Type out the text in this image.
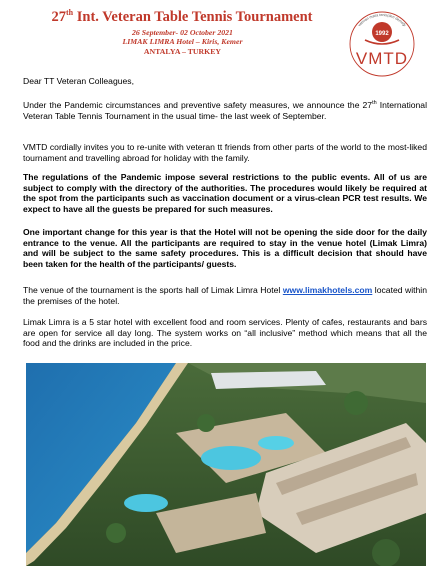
27th Int. Veteran Table Tennis Tournament
26 September- 02 October 2021
LIMAK LIMRA Hotel – Kiris, Kemer
ANTALYA – TURKEY
veteran masa tenisçileri derneği
1992
VMTD
Dear TT Veteran Colleagues,
Under the Pandemic circumstances and preventive safety measures, we announce the 27th International Veteran Table Tennis Tournament in the usual time- the last week of September.
VMTD cordially invites you to re-unite with veteran tt friends from other parts of the world to the most-liked tournament and travelling abroad for holiday with the family.
The regulations of the Pandemic impose several restrictions to the public events. All of us are subject to comply with the directory of the authorities. The procedures would likely be required at the spot from the participants such as vaccination document or a virus-clean PCR test results. We expect to have all the guests be prepared for such measures.
One important change for this year is that the Hotel will not be opening the side door for the daily entrance to the venue. All the participants are required to stay in the venue hotel (Limak Limra) and will be subject to the same safety procedures. This is a difficult decision that should have been taken for the health of the participants/ guests.
The venue of the tournament is the sports hall of Limak Limra Hotel www.limakhotels.com located within the premises of the hotel.
Limak Limra is a 5 star hotel with excellent food and room services. Plenty of cafes, restaurants and bars are open for service all day long. The system works on “all inclusive” method which means that all the food and the drinks are included in the price.
